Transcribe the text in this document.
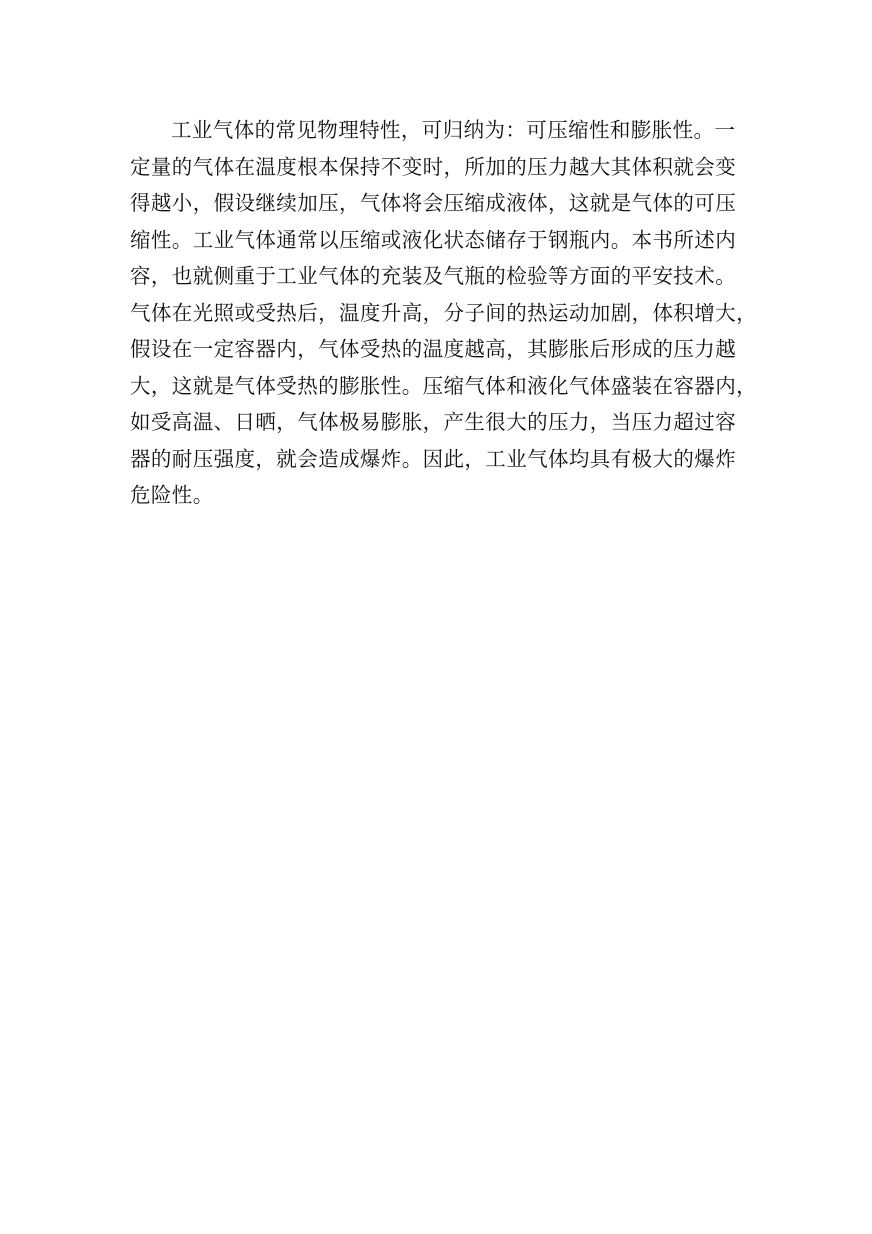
工业气体的常见物理特性，可归纳为：可压缩性和膨胀性。一
定量的气体在温度根本保持不变时，所加的压力越大其体积就会变
得越小，假设继续加压，气体将会压缩成液体，这就是气体的可压
缩性。工业气体通常以压缩或液化状态储存于钢瓶内。本书所述内
容，也就侧重于工业气体的充装及气瓶的检验等方面的平安技术。
气体在光照或受热后，温度升高，分子间的热运动加剧，体积增大，
假设在一定容器内，气体受热的温度越高，其膨胀后形成的压力越
大，这就是气体受热的膨胀性。压缩气体和液化气体盛装在容器内，
如受高温、日晒，气体极易膨胀，产生很大的压力，当压力超过容
器的耐压强度，就会造成爆炸。因此，工业气体均具有极大的爆炸
危险性。
